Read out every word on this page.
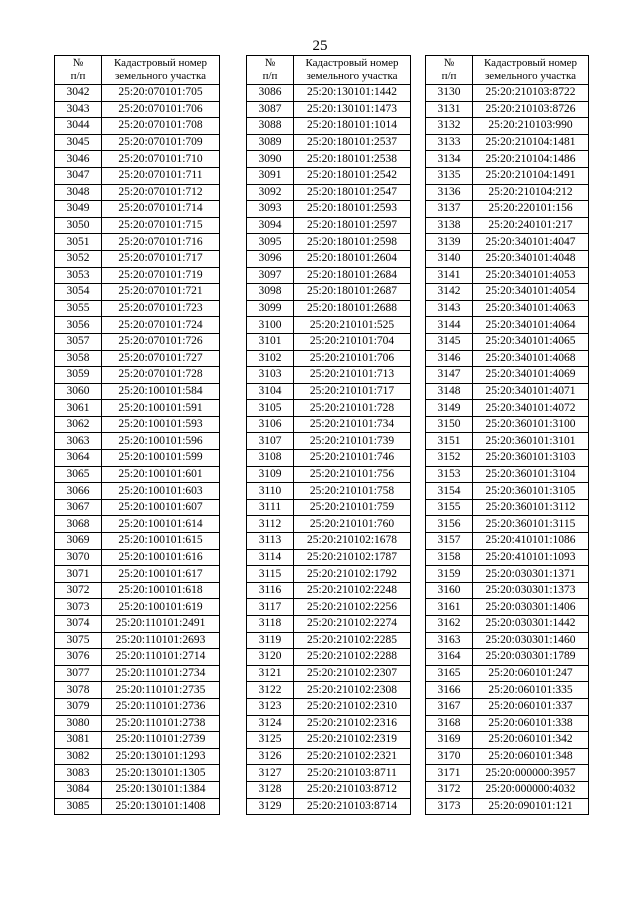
25
№
п/п	Кадастровый номер
земельного участка
3042	25:20:070101:705
3043	25:20:070101:706
3044	25:20:070101:708
3045	25:20:070101:709
3046	25:20:070101:710
3047	25:20:070101:711
3048	25:20:070101:712
3049	25:20:070101:714
3050	25:20:070101:715
3051	25:20:070101:716
3052	25:20:070101:717
3053	25:20:070101:719
3054	25:20:070101:721
3055	25:20:070101:723
3056	25:20:070101:724
3057	25:20:070101:726
3058	25:20:070101:727
3059	25:20:070101:728
3060	25:20:100101:584
3061	25:20:100101:591
3062	25:20:100101:593
3063	25:20:100101:596
3064	25:20:100101:599
3065	25:20:100101:601
3066	25:20:100101:603
3067	25:20:100101:607
3068	25:20:100101:614
3069	25:20:100101:615
3070	25:20:100101:616
3071	25:20:100101:617
3072	25:20:100101:618
3073	25:20:100101:619
3074	25:20:110101:2491
3075	25:20:110101:2693
3076	25:20:110101:2714
3077	25:20:110101:2734
3078	25:20:110101:2735
3079	25:20:110101:2736
3080	25:20:110101:2738
3081	25:20:110101:2739
3082	25:20:130101:1293
3083	25:20:130101:1305
3084	25:20:130101:1384
3085	25:20:130101:1408
№
п/п	Кадастровый номер
земельного участка
3086	25:20:130101:1442
3087	25:20:130101:1473
3088	25:20:180101:1014
3089	25:20:180101:2537
3090	25:20:180101:2538
3091	25:20:180101:2542
3092	25:20:180101:2547
3093	25:20:180101:2593
3094	25:20:180101:2597
3095	25:20:180101:2598
3096	25:20:180101:2604
3097	25:20:180101:2684
3098	25:20:180101:2687
3099	25:20:180101:2688
3100	25:20:210101:525
3101	25:20:210101:704
3102	25:20:210101:706
3103	25:20:210101:713
3104	25:20:210101:717
3105	25:20:210101:728
3106	25:20:210101:734
3107	25:20:210101:739
3108	25:20:210101:746
3109	25:20:210101:756
3110	25:20:210101:758
3111	25:20:210101:759
3112	25:20:210101:760
3113	25:20:210102:1678
3114	25:20:210102:1787
3115	25:20:210102:1792
3116	25:20:210102:2248
3117	25:20:210102:2256
3118	25:20:210102:2274
3119	25:20:210102:2285
3120	25:20:210102:2288
3121	25:20:210102:2307
3122	25:20:210102:2308
3123	25:20:210102:2310
3124	25:20:210102:2316
3125	25:20:210102:2319
3126	25:20:210102:2321
3127	25:20:210103:8711
3128	25:20:210103:8712
3129	25:20:210103:8714
№
п/п	Кадастровый номер
земельного участка
3130	25:20:210103:8722
3131	25:20:210103:8726
3132	25:20:210103:990
3133	25:20:210104:1481
3134	25:20:210104:1486
3135	25:20:210104:1491
3136	25:20:210104:212
3137	25:20:220101:156
3138	25:20:240101:217
3139	25:20:340101:4047
3140	25:20:340101:4048
3141	25:20:340101:4053
3142	25:20:340101:4054
3143	25:20:340101:4063
3144	25:20:340101:4064
3145	25:20:340101:4065
3146	25:20:340101:4068
3147	25:20:340101:4069
3148	25:20:340101:4071
3149	25:20:340101:4072
3150	25:20:360101:3100
3151	25:20:360101:3101
3152	25:20:360101:3103
3153	25:20:360101:3104
3154	25:20:360101:3105
3155	25:20:360101:3112
3156	25:20:360101:3115
3157	25:20:410101:1086
3158	25:20:410101:1093
3159	25:20:030301:1371
3160	25:20:030301:1373
3161	25:20:030301:1406
3162	25:20:030301:1442
3163	25:20:030301:1460
3164	25:20:030301:1789
3165	25:20:060101:247
3166	25:20:060101:335
3167	25:20:060101:337
3168	25:20:060101:338
3169	25:20:060101:342
3170	25:20:060101:348
3171	25:20:000000:3957
3172	25:20:000000:4032
3173	25:20:090101:121
